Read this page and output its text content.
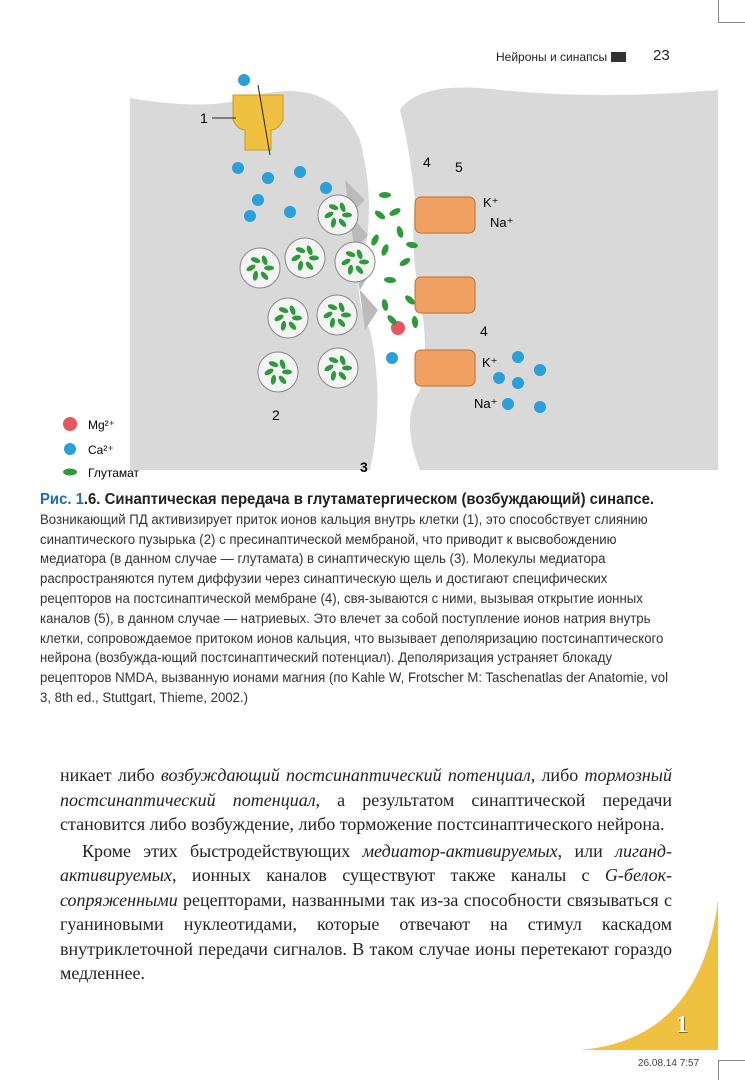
Нейроны и синапсы	23
1
2
3
4 5
4
K⁺
Na⁺
K⁺
Na⁺
Mg²⁺
Ca²⁺
Глутамат
Рис. 1.6. Синаптическая передача в глутаматергическом (возбуждающий) синапсе. Возникающий ПД активизирует приток ионов кальция внутрь клетки (1), это способствует слиянию синаптического пузырька (2) с пресинаптической мембраной, что приводит к высвобождению медиатора (в данном случае — глутамата) в синаптическую щель (3). Молекулы медиатора распространяются путем диффузии через синаптическую щель и достигают специфических рецепторов на постсинаптической мембране (4), свя-зываются с ними, вызывая открытие ионных каналов (5), в данном случае — натриевых. Это влечет за собой поступление ионов натрия внутрь клетки, сопровождаемое притоком ионов кальция, что вызывает деполяризацию постсинаптического нейрона (возбужда-ющий постсинаптический потенциал). Деполяризация устраняет блокаду рецепторов NMDA, вызванную ионами магния (по Kahle W, Frotscher M: Taschenatlas der Anatomie, vol 3, 8th ed., Stuttgart, Thieme, 2002.)

никает либо возбуждающий постсинаптический потенциал, либо тормозный постсинаптический потенциал, а результатом синаптической передачи становится либо возбуждение, либо торможение постсинаптического нейрона.

Кроме этих быстродействующих медиатор-активируемых, или лиганд-активируемых, ионных каналов существуют также каналы с G-белок-сопряженными рецепторами, названными так из-за способности связываться с гуаниновыми нуклеотидами, которые отвечают на стимул каскадом внутриклеточной передачи сигналов. В таком случае ионы перетекают гораздо медленнее.

1
26.08.14 7:57
